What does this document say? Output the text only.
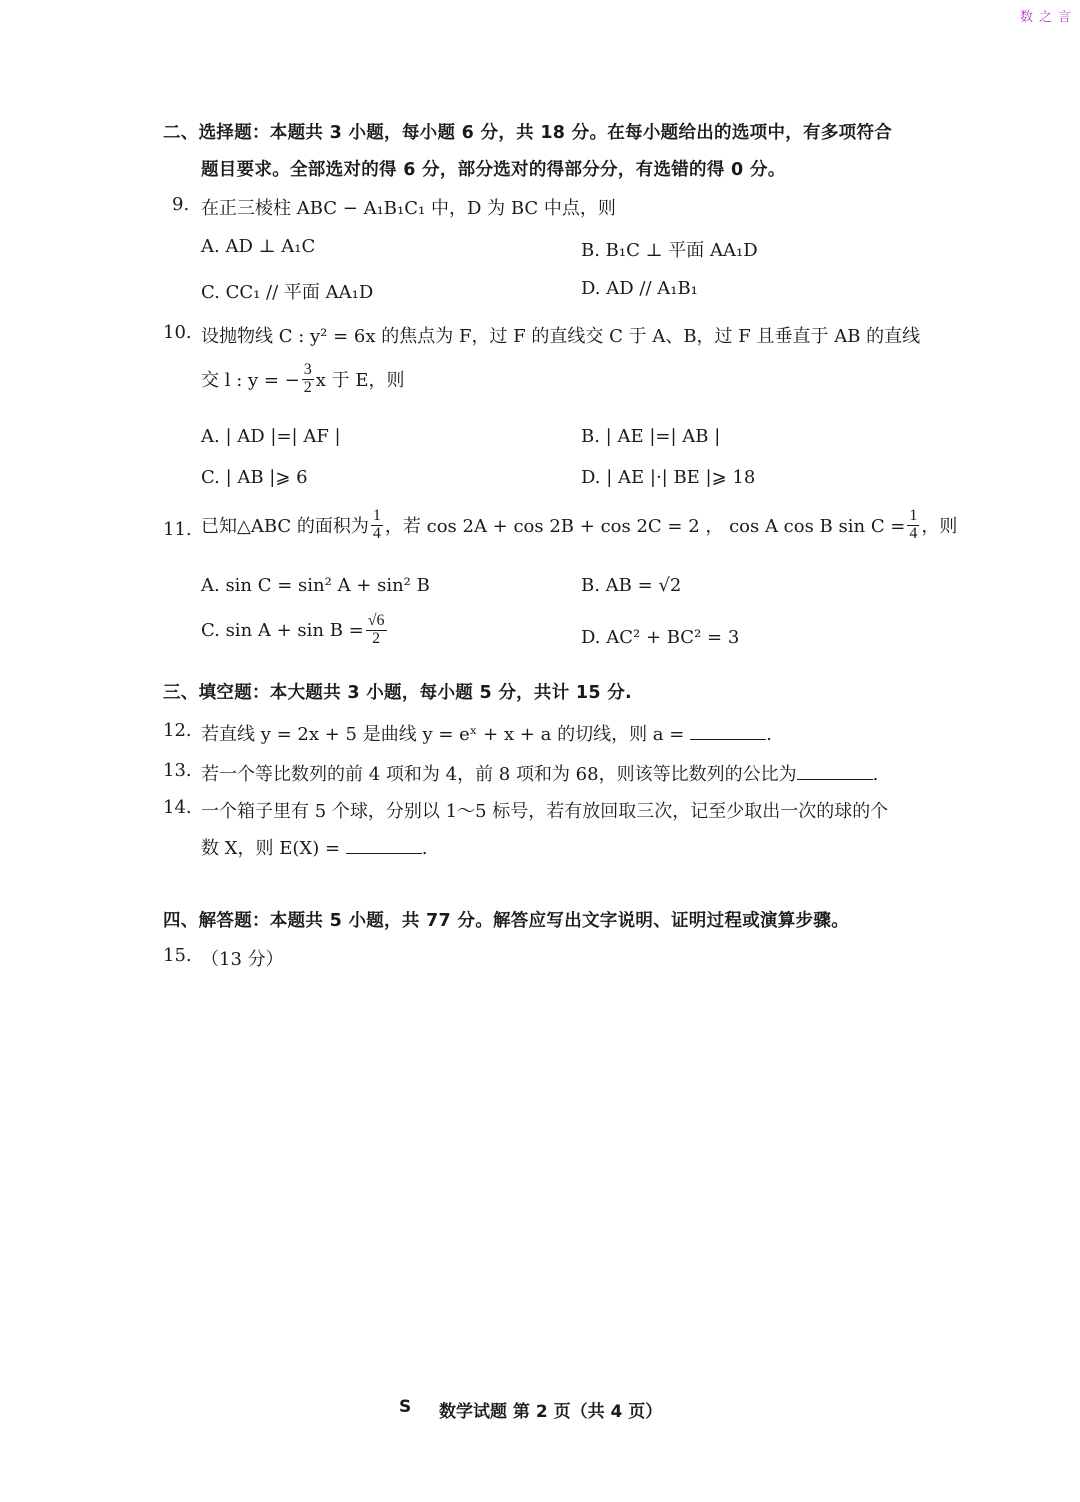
数之言
二、选择题：本题共 3 小题，每小题 6 分，共 18 分。在每小题给出的选项中，有多项符合
题目要求。全部选对的得 6 分，部分选对的得部分分，有选错的得 0 分。
9. 在正三棱柱 ABC − A₁B₁C₁ 中，D 为 BC 中点，则
A. AD ⊥ A₁C	B. B₁C ⊥ 平面 AA₁D
C. CC₁ // 平面 AA₁D	D. AD // A₁B₁
10. 设抛物线 C : y² = 6x 的焦点为 F，过 F 的直线交 C 于 A、B，过 F 且垂直于 AB 的直线
交 l : y = − $\frac{3}{2}$ x 于 E，则
A. | AD |=| AF |	B. | AE |=| AB |
C. | AB |⩾ 6	D. | AE |·| BE |⩾ 18
11. 已知△ABC 的面积为 $\frac{1}{4}$ ，若 cos 2A + cos 2B + cos 2C = 2 ， cos A cos B $\sin C = \frac{1}{4}$ ，则
A. sin C = sin² A + sin² B	B. AB = √2
C. $\sin A + \sin B = \frac{√6}{2}$	D. AC² + BC² = 3
三、填空题：本大题共 3 小题，每小题 5 分，共计 15 分.
12. 若直线 y = 2x + 5 是曲线 y = eˣ + x + a 的切线，则 a =	.
13. 若一个等比数列的前 4 项和为 4，前 8 项和为 68，则该等比数列的公比为	.
14. 一个箱子里有 5 个球，分别以 1～5 标号，若有放回取三次，记至少取出一次的球的个
数 X，则 E(X) =	.
四、解答题：本题共 5 小题，共 77 分。解答应写出文字说明、证明过程或演算步骤。
15. （13 分）
S 数学试题 第 2 页（共 4 页）
